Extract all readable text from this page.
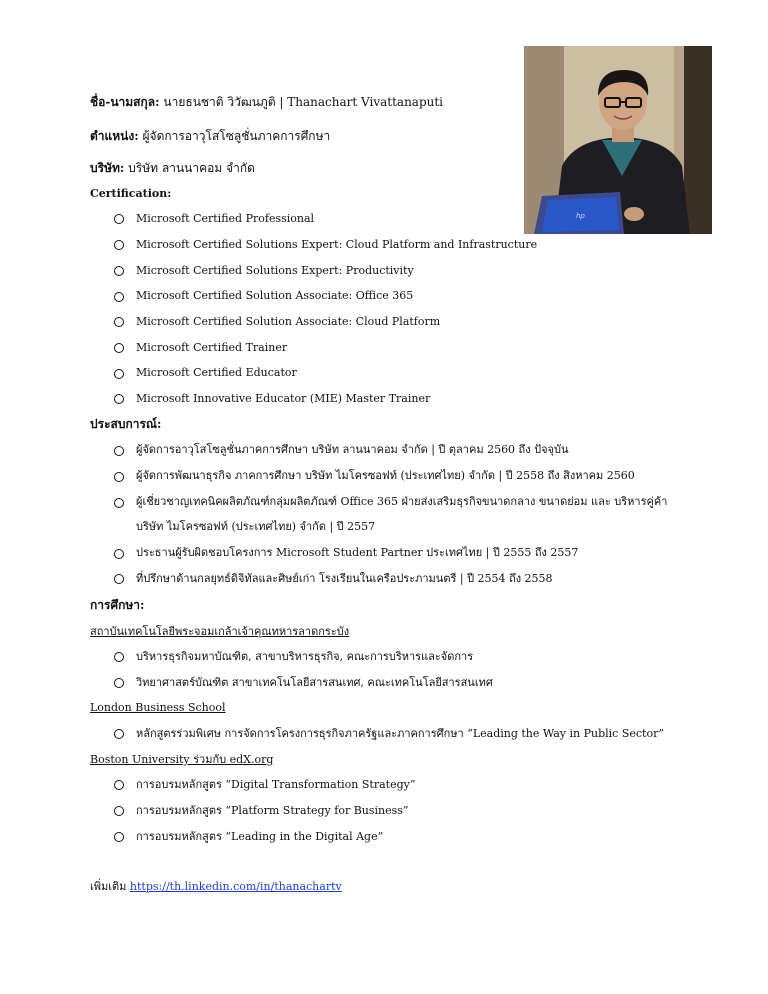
hp
ชื่อ-นามสกุล: นายธนชาติ วิวัฒนภูติ | Thanachart Vivattanaputi
ตำแหน่ง: ผู้จัดการอาวุโสโซลูชั่นภาคการศึกษา
บริษัท: บริษัท ลานนาคอม จำกัด
Certification:
Microsoft Certified Professional
Microsoft Certified Solutions Expert: Cloud Platform and Infrastructure
Microsoft Certified Solutions Expert: Productivity
Microsoft Certified Solution Associate: Office 365
Microsoft Certified Solution Associate: Cloud Platform
Microsoft Certified Trainer
Microsoft Certified Educator
Microsoft Innovative Educator (MIE) Master Trainer
ประสบการณ์:
ผู้จัดการอาวุโสโซลูชั่นภาคการศึกษา บริษัท ลานนาคอม จำกัด | ปี ตุลาคม 2560 ถึง ปัจจุบัน
ผู้จัดการพัฒนาธุรกิจ ภาคการศึกษา บริษัท ไมโครซอฟท์ (ประเทศไทย) จำกัด | ปี 2558 ถึง สิงหาคม 2560
ผู้เชี่ยวชาญเทคนิคผลิตภัณฑ์กลุ่มผลิตภัณฑ์ Office 365 ฝ่ายส่งเสริมธุรกิจขนาดกลาง ขนาดย่อม และ บริหารคู่ค้า
บริษัท ไมโครซอฟท์ (ประเทศไทย) จำกัด | ปี 2557
ประธานผู้รับผิดชอบโครงการ Microsoft Student Partner ประเทศไทย | ปี 2555 ถึง 2557
ที่ปรึกษาด้านกลยุทธ์ดิจิทัลและศิษย์เก่า โรงเรียนในเครือประภามนตรี | ปี 2554 ถึง 2558
การศึกษา:
สถาบันเทคโนโลยีพระจอมเกล้าเจ้าคุณทหารลาดกระบัง
บริหารธุรกิจมหาบัณฑิต, สาขาบริหารธุรกิจ, คณะการบริหารและจัดการ
วิทยาศาสตร์บัณฑิต สาขาเทคโนโลยีสารสนเทศ, คณะเทคโนโลยีสารสนเทศ
London Business School
หลักสูตรร่วมพิเศษ การจัดการโครงการธุรกิจภาครัฐและภาคการศึกษา “Leading the Way in Public Sector”
Boston University ร่วมกับ edX.org
การอบรมหลักสูตร “Digital Transformation Strategy”
การอบรมหลักสูตร “Platform Strategy for Business”
การอบรมหลักสูตร “Leading in the Digital Age”
เพิ่มเติม https://th.linkedin.com/in/thanachartv
